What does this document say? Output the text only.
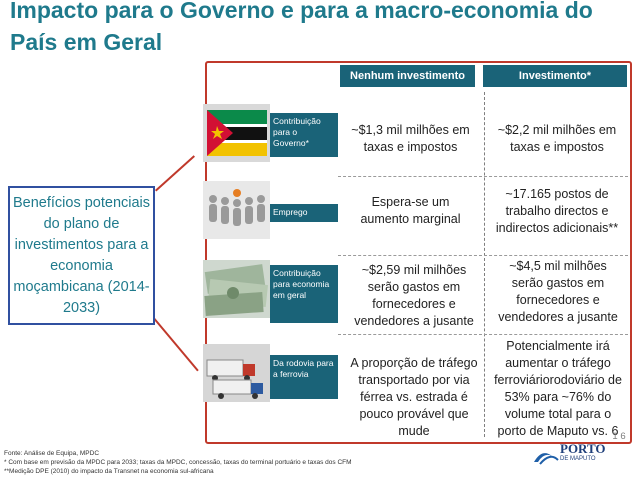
Impacto para o Governo e para a macro-economia do País em Geral
Benefícios potenciais do plano de investimentos para a economia moçambicana (2014-2033)
Nenhum investimento	Investimento*
Contribuição para o Governo*
~$1,3 mil milhões em taxas e impostos
~$2,2 mil milhões em taxas e impostos
Emprego
Espera-se um aumento marginal
~17.165 postos de trabalho directos e indirectos adicionais**
Contribuição para economia em geral
~$2,59 mil milhões serão gastos em fornecedores e vendedores a jusante
~$4,5 mil milhões serão gastos em fornecedores e vendedores a jusante
Da rodovia para a ferrovia
A proporção de tráfego transportado por via férrea vs. estrada é pouco provável que mude
Potencialmente irá aumentar o tráfego ferroviáriorodoviário de 53% para ~76% do volume total para o porto de Maputo vs. 6
Fonte: Análise de Equipa, MPDC
* Com base em previsão da MPDC para 2033; taxas da MPDC, concessão, taxas do terminal portuário e taxas dos CFM
**Medição DPE (2010) do impacto da Transnet na economia sul-africana
PORTO
DE MAPUTO
1 6
